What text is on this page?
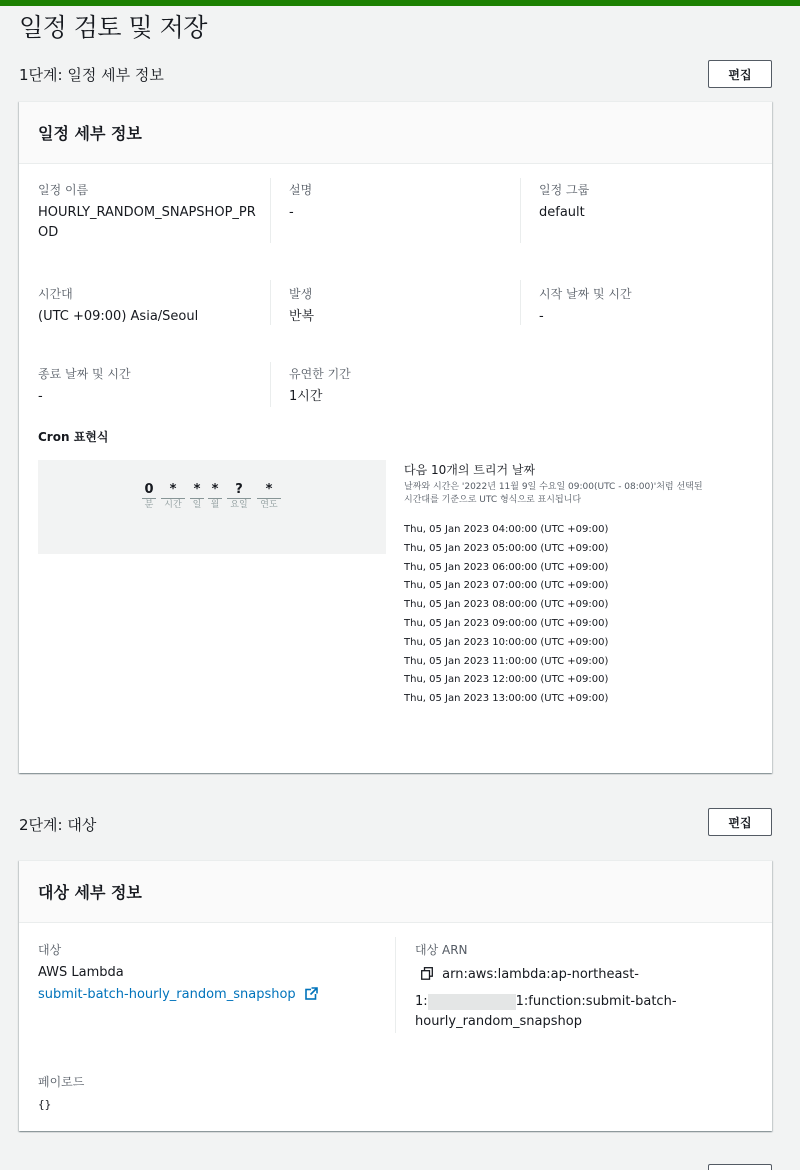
일정 검토 및 저장
1단계: 일정 세부 정보	편집
일정 세부 정보
일정 이름
HOURLY_RANDOM_SNAPSHOP_PR
OD
설명
-
일정 그룹
default
시간대
(UTC +09:00) Asia/Seoul
발생
반복
시작 날짜 및 시간
-
종료 날짜 및 시간
-
유연한 기간
1시간
Cron 표현식
0
분
*
시간
*
일
*
월
?
요일
*
연도
다음 10개의 트리거 날짜
날짜와 시간은 '2022년 11월 9일 수요일 09:00(UTC - 08:00)'처럼 선택된
시간대를 기준으로 UTC 형식으로 표시됩니다
Thu, 05 Jan 2023 04:00:00 (UTC +09:00)
Thu, 05 Jan 2023 05:00:00 (UTC +09:00)
Thu, 05 Jan 2023 06:00:00 (UTC +09:00)
Thu, 05 Jan 2023 07:00:00 (UTC +09:00)
Thu, 05 Jan 2023 08:00:00 (UTC +09:00)
Thu, 05 Jan 2023 09:00:00 (UTC +09:00)
Thu, 05 Jan 2023 10:00:00 (UTC +09:00)
Thu, 05 Jan 2023 11:00:00 (UTC +09:00)
Thu, 05 Jan 2023 12:00:00 (UTC +09:00)
Thu, 05 Jan 2023 13:00:00 (UTC +09:00)
2단계: 대상	편집
대상 세부 정보
대상
AWS Lambda
submit-batch-hourly_random_snapshop
대상 ARN
arn:aws:lambda:ap-northeast-
1:	1:function:submit-batch-
hourly_random_snapshop
페이로드
{}
